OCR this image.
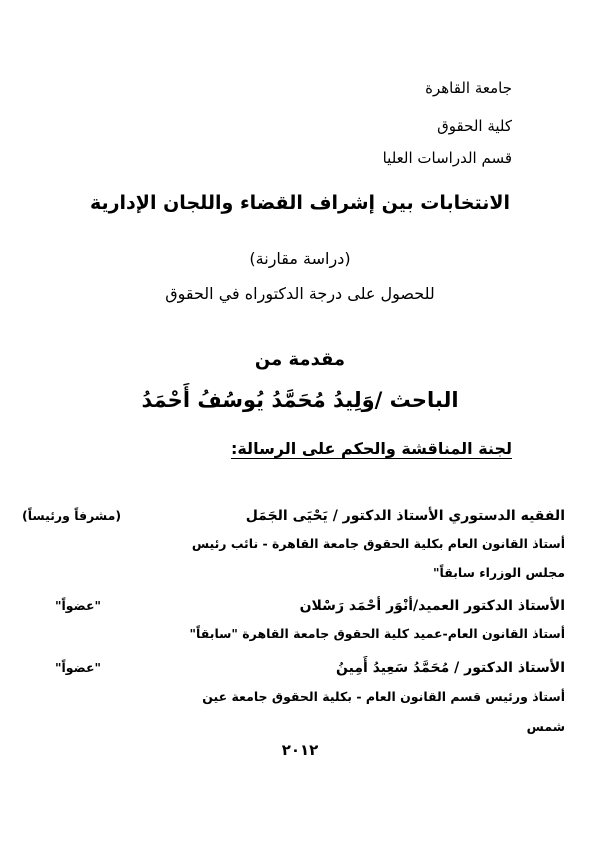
جامعة القاهرة
كلية الحقوق
قسم الدراسات العليا
الانتخابات بين إشراف القضاء واللجان الإدارية
(دراسة مقارنة)
للحصول على درجة الدكتوراه في الحقوق
مقدمة من
الباحث /وَلِيدُ مُحَمَّدُ يُوسُفُ أَحْمَدُ
لجنة المناقشة والحكم على الرسالة:
الفقيه الدستوري الأستاذ الدكتور / يَحْيَى الجَمَل
(مشرفاً ورئيساً)
أستاذ القانون العام بكلية الحقوق جامعة القاهرة - نائب رئيس
مجلس الوزراء سابقاً"
الأستاذ الدكتور العميد/أنْوَر أحْمَد رَسْلان
"عضواً"
أستاذ القانون العام-عميد كلية الحقوق جامعة القاهرة "سابقاً"
الأستاذ الدكتور / مُحَمَّدُ سَعِيدُ أَمِينُ
"عضواً"
أستاذ ورئيس قسم القانون العام - بكلية الحقوق جامعة عين
شمس
٢٠١٢
